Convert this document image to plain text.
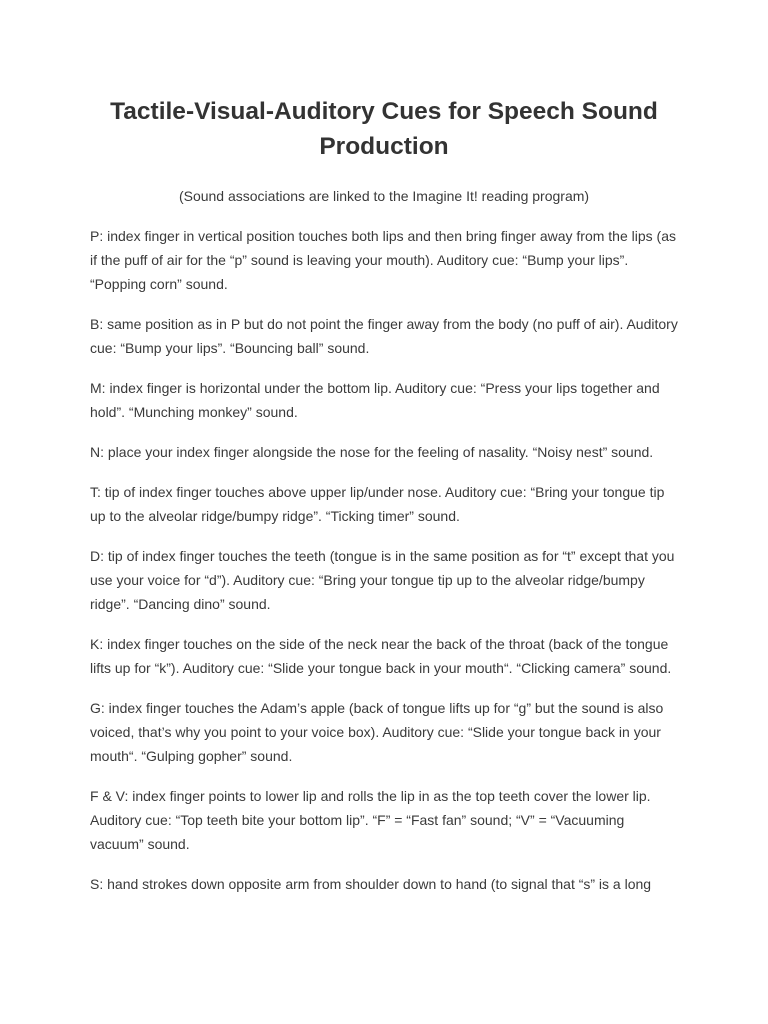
Tactile-Visual-Auditory Cues for Speech Sound Production
(Sound associations are linked to the Imagine It! reading program)
P: index finger in vertical position touches both lips and then bring finger away from the lips (as if the puff of air for the “p” sound is leaving your mouth). Auditory cue: “Bump your lips”. “Popping corn” sound.
B: same position as in P but do not point the finger away from the body (no puff of air). Auditory cue: “Bump your lips”. “Bouncing ball” sound.
M: index finger is horizontal under the bottom lip. Auditory cue: “Press your lips together and hold”. “Munching monkey” sound.
N: place your index finger alongside the nose for the feeling of nasality. “Noisy nest” sound.
T: tip of index finger touches above upper lip/under nose. Auditory cue: “Bring your tongue tip up to the alveolar ridge/bumpy ridge”. “Ticking timer” sound.
D: tip of index finger touches the teeth (tongue is in the same position as for “t” except that you use your voice for “d”). Auditory cue: “Bring your tongue tip up to the alveolar ridge/bumpy ridge”. “Dancing dino” sound.
K: index finger touches on the side of the neck near the back of the throat (back of the tongue lifts up for “k”). Auditory cue: “Slide your tongue back in your mouth“. “Clicking camera” sound.
G: index finger touches the Adam’s apple (back of tongue lifts up for “g” but the sound is also voiced, that’s why you point to your voice box). Auditory cue: “Slide your tongue back in your mouth“. “Gulping gopher” sound.
F & V: index finger points to lower lip and rolls the lip in as the top teeth cover the lower lip. Auditory cue: “Top teeth bite your bottom lip”. “F” = “Fast fan” sound; “V” = “Vacuuming vacuum” sound.
S: hand strokes down opposite arm from shoulder down to hand (to signal that “s” is a long
